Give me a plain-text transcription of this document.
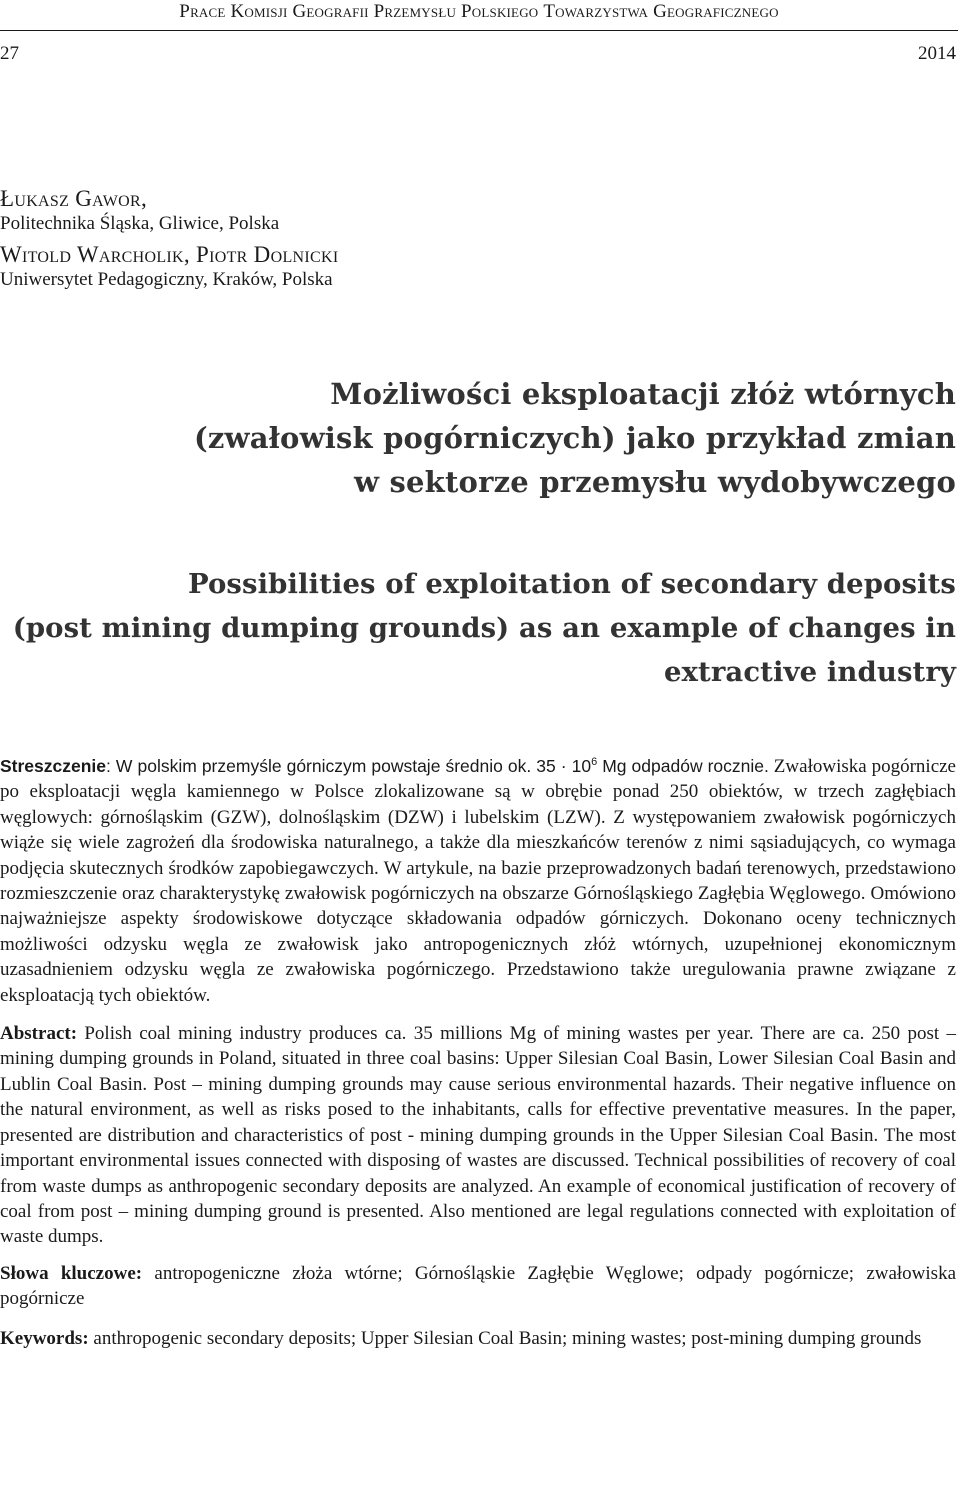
Prace Komisji Geografii Przemysłu Polskiego Towarzystwa Geograficznego
27	2014
Łukasz Gawor,
Politechnika Śląska, Gliwice, Polska
Witold Warcholik, Piotr Dolnicki
Uniwersytet Pedagogiczny, Kraków, Polska
Możliwości eksploatacji złóż wtórnych
(zwałowisk pogórniczych) jako przykład zmian
w sektorze przemysłu wydobywczego
Possibilities of exploitation of secondary deposits
(post mining dumping grounds) as an example of changes in
extractive industry

Streszczenie: W polskim przemyśle górniczym powstaje średnio ok. $35 \cdot 10^6$ Mg odpadów rocznie. Zwałowiska pogórnicze po eksploatacji węgla kamiennego w Polsce zlokalizowane są w obrębie ponad 250 obiektów, w trzech zagłębiach węglowych: górnośląskim (GZW), dolnośląskim (DZW) i lubelskim (LZW). Z występowaniem zwałowisk pogórniczych wiąże się wiele zagrożeń dla środowiska naturalnego, a także dla mieszkańców terenów z nimi sąsiadujących, co wymaga podjęcia skutecznych środków zapobiegawczych. W artykule, na bazie przeprowadzonych badań terenowych, przedstawiono rozmieszczenie oraz charakterystykę zwałowisk pogórniczych na obszarze Górnośląskiego Zagłębia Węglowego. Omówiono najważniejsze aspekty środowiskowe dotyczące składowania odpadów górniczych. Dokonano oceny technicznych możliwości odzysku węgla ze zwałowisk jako antropogenicznych złóż wtórnych, uzupełnionej ekonomicznym uzasadnieniem odzysku węgla ze zwałowiska pogórniczego. Przedstawiono także uregulowania prawne związane z eksploatacją tych obiektów.

Abstract: Polish coal mining industry produces ca. 35 millions Mg of mining wastes per year. There are ca. 250 post – mining dumping grounds in Poland, situated in three coal basins: Upper Silesian Coal Basin, Lower Silesian Coal Basin and Lublin Coal Basin. Post – mining dumping grounds may cause serious environmental hazards. Their negative influence on the natural environment, as well as risks posed to the inhabitants, calls for effective preventative measures. In the paper, presented are distribution and characteristics of post - mining dumping grounds in the Upper Silesian Coal Basin. The most important environmental issues connected with disposing of wastes are discussed. Technical possibilities of recovery of coal from waste dumps as anthropogenic secondary deposits are analyzed. An example of economical justification of recovery of coal from post – mining dumping ground is presented. Also mentioned are legal regulations connected with exploitation of waste dumps.

Słowa kluczowe: antropogeniczne złoża wtórne; Górnośląskie Zagłębie Węglowe; odpady pogórnicze; zwałowiska pogórnicze

Keywords: anthropogenic secondary deposits; Upper Silesian Coal Basin; mining wastes; post-mining dumping grounds
